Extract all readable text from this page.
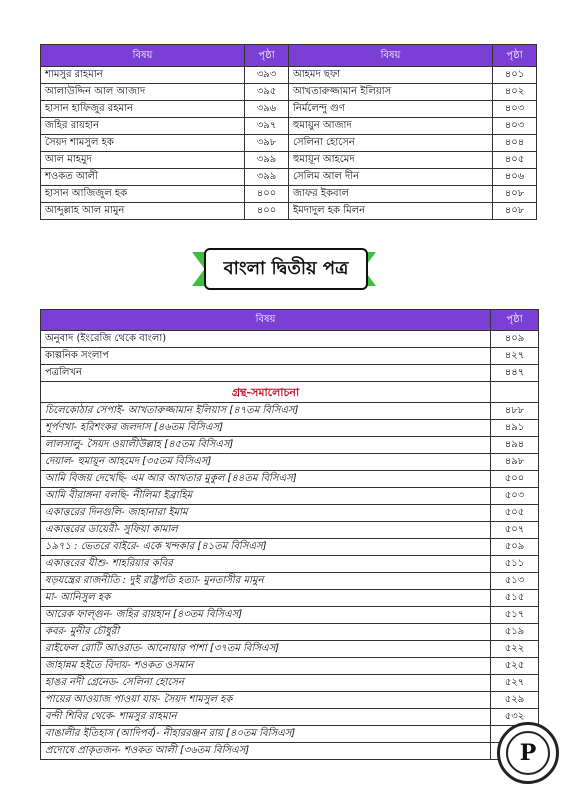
বিষয়	পৃষ্ঠা	বিষয়	পৃষ্ঠা
শামসুর রাহমান	৩৯৩	আহমদ ছফা	৪০১
আলাউদ্দিন আল আজাদ	৩৯৫	আখতারুজ্জামান ইলিয়াস	৪০২
হাসান হাফিজুর রহমান	৩৯৬	নির্মলেন্দু গুণ	৪০৩
জহির রায়হান	৩৯৭	হুমায়ুন আজাদ	৪০৩
সৈয়দ শামসুল হক	৩৯৮	সেলিনা হোসেন	৪০৪
আল মাহমুদ	৩৯৯	হুমায়ূন আহমেদ	৪০৫
শওকত আলী	৩৯৯	সেলিম আল দীন	৪০৬
হাসান আজিজুল হক	৪০০	জাফর ইকবাল	৪০৮
আব্দুল্লাহ আল মামুন	৪০০	ইমদাদুল হক মিলন	৪০৮
বাংলা দ্বিতীয় পত্র
বিষয়	পৃষ্ঠা
অনুবাদ (ইংরেজি থেকে বাংলা)	৪০৯
কাল্পনিক সংলাপ	৪২৭
পত্রলিখন	৪৪৭
গ্রন্থ-সমালোচনা	
চিলেকোঠার সেপাই- আখতারুজ্জামান ইলিয়াস [৪৭তম বিসিএস]	৪৮৮
শূর্পণখা- হরিশংকর জলদাস [৪৬তম বিসিএস]	৪৯১
লালসালু- সৈয়দ ওয়ালীউল্লাহ [৪৫তম বিসিএস]	৪৯৪
দেয়াল- হুমায়ূন আহমেদ [৩৫তম বিসিএস]	৪৯৮
আমি বিজয় দেখেছি- এম আর আখতার মুকুল [৪৪তম বিসিএস]	৫০০
আমি বীরাঙ্গনা বলছি- নীলিমা ইব্রাহিম	৫০৩
একাত্তরের দিনগুলি- জাহানারা ইমাম	৫০৫
একাত্তরের ডায়েরী- সুফিয়া কামাল	৫০৭
১৯৭১ : ভেতরে বাইরে- একে খন্দকার [৪১তম বিসিএস]	৫০৯
একাত্তরের যীশু- শাহরিয়ার কবির	৫১১
ষড়যন্ত্রের রাজনীতি : দুই রাষ্ট্রপতি হত্যা- মুনতাসীর মামুন	৫১৩
মা- আনিসুল হক	৫১৫
আরেক ফাল্গুন- জহির রায়হান [৪৩তম বিসিএস]	৫১৭
কবর- মুনীর চৌধুরী	৫১৯
রাইফেল রোটি আওরাত- আনোয়ার পাশা [৩৭তম বিসিএস]	৫২২
জাহান্নম হইতে বিদায়- শওকত ওসমান	৫২৫
হাঙর নদী গ্রেনেড- সেলিনা হোসেন	৫২৭
পায়ের আওয়াজ পাওয়া যায়- সৈয়দ শামসুল হক	৫২৯
বন্দী শিবির থেকে- শামসুর রাহমান	৫৩২
বাঙালীর ইতিহাস (আদিপর্ব)- নীহাররঞ্জন রায় [৪০তম বিসিএস]	
প্রদোষে প্রাকৃতজন- শওকত আলী [৩৬তম বিসিএস]		P
